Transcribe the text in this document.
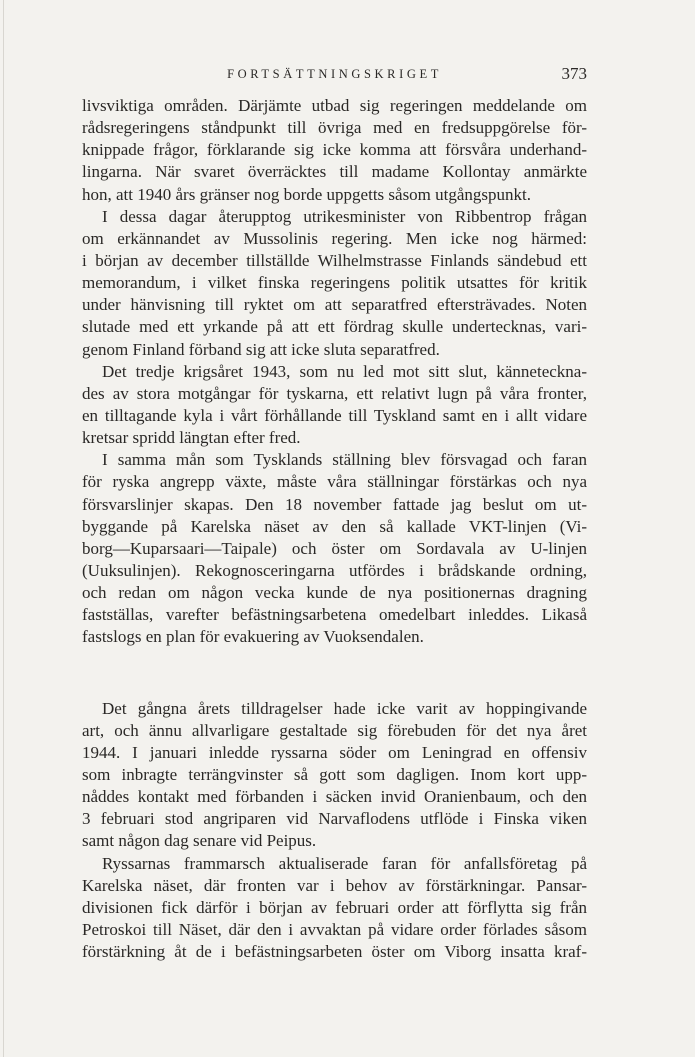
FORTSÄTTNINGSKRIGET	373
livsviktiga områden. Därjämte utbad sig regeringen meddelande om
rådsregeringens ståndpunkt till övriga med en fredsuppgörelse för-
knippade frågor, förklarande sig icke komma att försvåra underhand-
lingarna. När svaret överräcktes till madame Kollontay anmärkte
hon, att 1940 års gränser nog borde uppgetts såsom utgångspunkt.
I dessa dagar återupptog utrikesminister von Ribbentrop frågan
om erkännandet av Mussolinis regering. Men icke nog härmed:
i början av december tillställde Wilhelmstrasse Finlands sändebud ett
memorandum, i vilket finska regeringens politik utsattes för kritik
under hänvisning till ryktet om att separatfred eftersträvades. Noten
slutade med ett yrkande på att ett fördrag skulle undertecknas, vari-
genom Finland förband sig att icke sluta separatfred.
Det tredje krigsåret 1943, som nu led mot sitt slut, känneteckna-
des av stora motgångar för tyskarna, ett relativt lugn på våra fronter,
en tilltagande kyla i vårt förhållande till Tyskland samt en i allt vidare
kretsar spridd längtan efter fred.
I samma mån som Tysklands ställning blev försvagad och faran
för ryska angrepp växte, måste våra ställningar förstärkas och nya
försvarslinjer skapas. Den 18 november fattade jag beslut om ut-
byggande på Karelska näset av den så kallade VKT-linjen (Vi-
borg—Kuparsaari—Taipale) och öster om Sordavala av U-linjen
(Uuksulinjen). Rekognosceringarna utfördes i brådskande ordning,
och redan om någon vecka kunde de nya positionernas dragning
fastställas, varefter befästningsarbetena omedelbart inleddes. Likaså
fastslogs en plan för evakuering av Vuoksendalen.
Det gångna årets tilldragelser hade icke varit av hoppingivande
art, och ännu allvarligare gestaltade sig förebuden för det nya året
1944. I januari inledde ryssarna söder om Leningrad en offensiv
som inbragte terrängvinster så gott som dagligen. Inom kort upp-
nåddes kontakt med förbanden i säcken invid Oranienbaum, och den
3 februari stod angriparen vid Narvaflodens utflöde i Finska viken
samt någon dag senare vid Peipus.
Ryssarnas frammarsch aktualiserade faran för anfallsföretag på
Karelska näset, där fronten var i behov av förstärkningar. Pansar-
divisionen fick därför i början av februari order att förflytta sig från
Petroskoi till Näset, där den i avvaktan på vidare order förlades såsom
förstärkning åt de i befästningsarbeten öster om Viborg insatta kraf-
